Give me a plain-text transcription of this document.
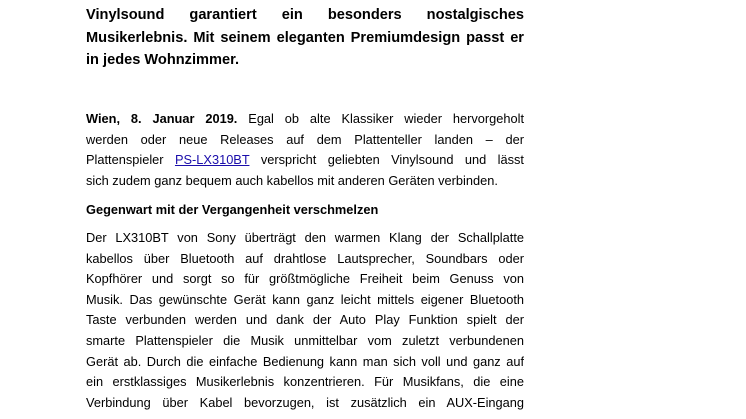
Vinylsound garantiert ein besonders nostalgisches
Musikerlebnis. Mit seinem eleganten Premiumdesign passt er
in jedes Wohnzimmer.
Wien, 8. Januar 2019. Egal ob alte Klassiker wieder hervorgeholt
werden oder neue Releases auf dem Plattenteller landen – der
Plattenspieler PS-LX310BT verspricht geliebten Vinylsound und lässt
sich zudem ganz bequem auch kabellos mit anderen Geräten verbinden.
Gegenwart mit der Vergangenheit verschmelzen
Der LX310BT von Sony überträgt den warmen Klang der Schallplatte
kabellos über Bluetooth auf drahtlose Lautsprecher, Soundbars oder
Kopfhörer und sorgt so für größtmögliche Freiheit beim Genuss von
Musik. Das gewünschte Gerät kann ganz leicht mittels eigener Bluetooth
Taste verbunden werden und dank der Auto Play Funktion spielt der
smarte Plattenspieler die Musik unmittelbar vom zuletzt verbundenen
Gerät ab. Durch die einfache Bedienung kann man sich voll und ganz auf
ein erstklassiges Musikerlebnis konzentrieren. Für Musikfans, die eine
Verbindung über Kabel bevorzugen, ist zusätzlich ein AUX-Eingang
